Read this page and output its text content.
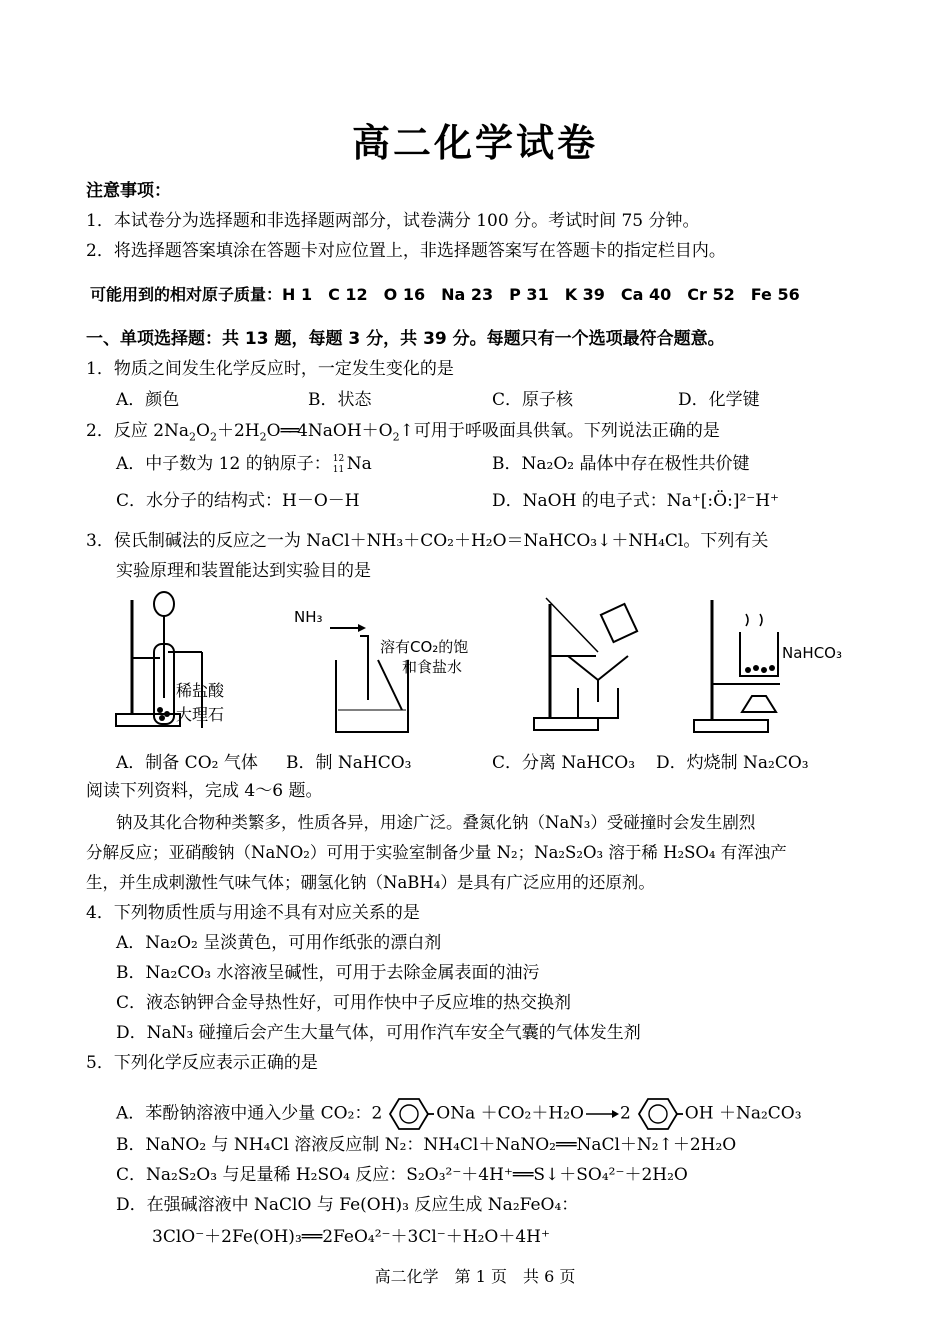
高二化学试卷
注意事项：
1．本试卷分为选择题和非选择题两部分，试卷满分 100 分。考试时间 75 分钟。
2．将选择题答案填涂在答题卡对应位置上，非选择题答案写在答题卡的指定栏目内。
可能用到的相对原子质量：H 1　C 12　O 16　Na 23　P 31　K 39　Ca 40　Cr 52　Fe 56
一、单项选择题：共 13 题，每题 3 分，共 39 分。每题只有一个选项最符合题意。
1．物质之间发生化学反应时，一定发生变化的是
A．颜色	B．状态	C．原子核	D．化学键
2．反应 $2Na_2O_2+2H_2O══4NaOH+O_2↑$可用于呼吸面具供氧。下列说法正确的是
A．中子数为 12 的钠原子： 12
11 Na	B．Na₂O₂ 晶体中存在极性共价键
C．水分子的结构式：H－O－H	D．NaOH 的电子式：Na⁺[:Ö:]²⁻H⁺
3．侯氏制碱法的反应之一为 NaCl＋NH₃＋CO₂＋H₂O＝NaHCO₃↓＋NH₄Cl。下列有关
实验原理和装置能达到实验目的是
稀盐酸
大理石
NH₃
溶有CO₂的饱
和食盐水
NaHCO₃
A．制备 CO₂ 气体 B．制 NaHCO₃	C．分离 NaHCO₃ D．灼烧制 Na₂CO₃
阅读下列资料，完成 4～6 题。
钠及其化合物种类繁多，性质各异，用途广泛。叠氮化钠（NaN₃）受碰撞时会发生剧烈
分解反应；亚硝酸钠（NaNO₂）可用于实验室制备少量 N₂；Na₂S₂O₃ 溶于稀 H₂SO₄ 有浑浊产
生，并生成刺激性气味气体；硼氢化钠（NaBH₄）是具有广泛应用的还原剂。
4．下列物质性质与用途不具有对应关系的是
A．Na₂O₂ 呈淡黄色，可用作纸张的漂白剂
B．Na₂CO₃ 水溶液呈碱性，可用于去除金属表面的油污
C．液态钠钾合金导热性好，可用作快中子反应堆的热交换剂
D．NaN₃ 碰撞后会产生大量气体，可用作汽车安全气囊的气体发生剂
5．下列化学反应表示正确的是
A．苯酚钠溶液中通入少量 CO₂：2	ONa ＋CO₂＋H₂O→2	OH ＋Na₂CO₃
B．NaNO₂ 与 NH₄Cl 溶液反应制 N₂：NH₄Cl＋NaNO₂══NaCl＋N₂↑＋2H₂O
C．Na₂S₂O₃ 与足量稀 H₂SO₄ 反应：S₂O₃²⁻＋4H⁺══S↓＋SO₄²⁻＋2H₂O
D．在强碱溶液中 NaClO 与 Fe(OH)₃ 反应生成 Na₂FeO₄：
3ClO⁻＋2Fe(OH)₃══2FeO₄²⁻＋3Cl⁻＋H₂O＋4H⁺
高二化学　第 1 页　共 6 页
